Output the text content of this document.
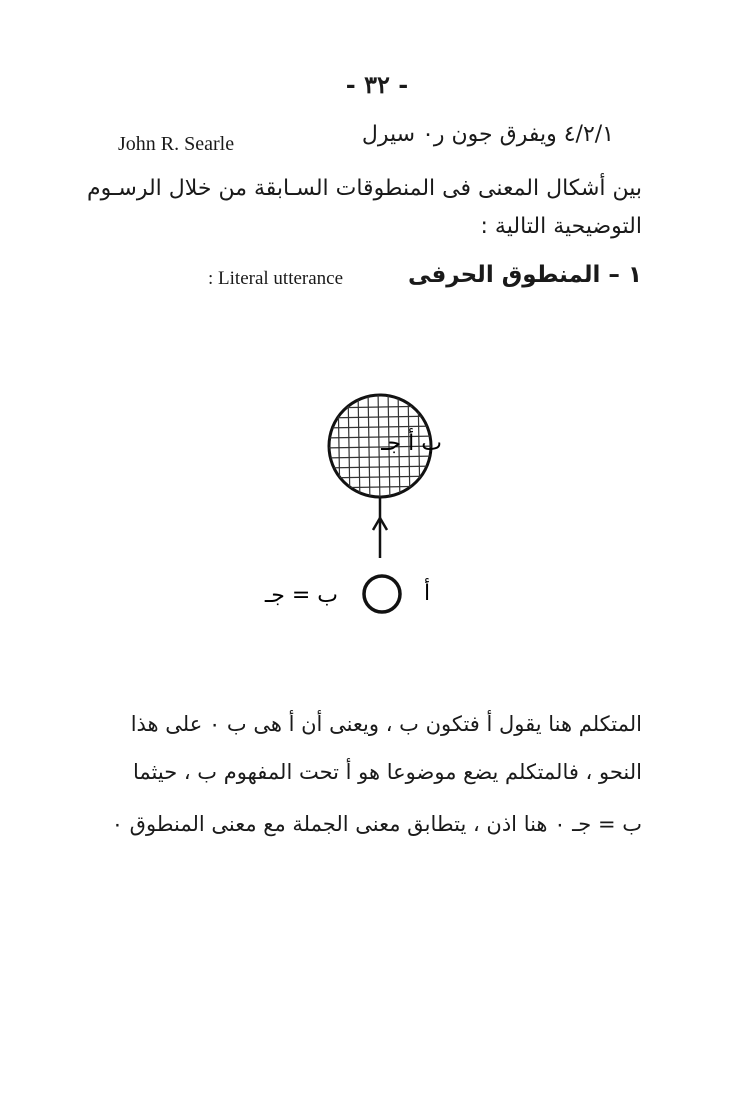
- ٣٢ -
٤/٢/١ ويفرق جون ر٠ سيرل
John R. Searle
بين أشكال المعنى فى المنطوقات السـابقة من خلال الرسـوم
التوضيحية التالية :
١ – المنطوق الحرفى
: Literal utterance
ب أ جـ
ب = جـ	أ
المتكلم هنا يقول أ فتكون ب ، ويعنى أن أ هى ب ٠ على هذا
النحو ، فالمتكلم يضع موضوعا هو أ تحت المفهوم ب ، حيثما
ب = جـ ٠ هنا اذن ، يتطابق معنى الجملة مع معنى المنطوق ٠
